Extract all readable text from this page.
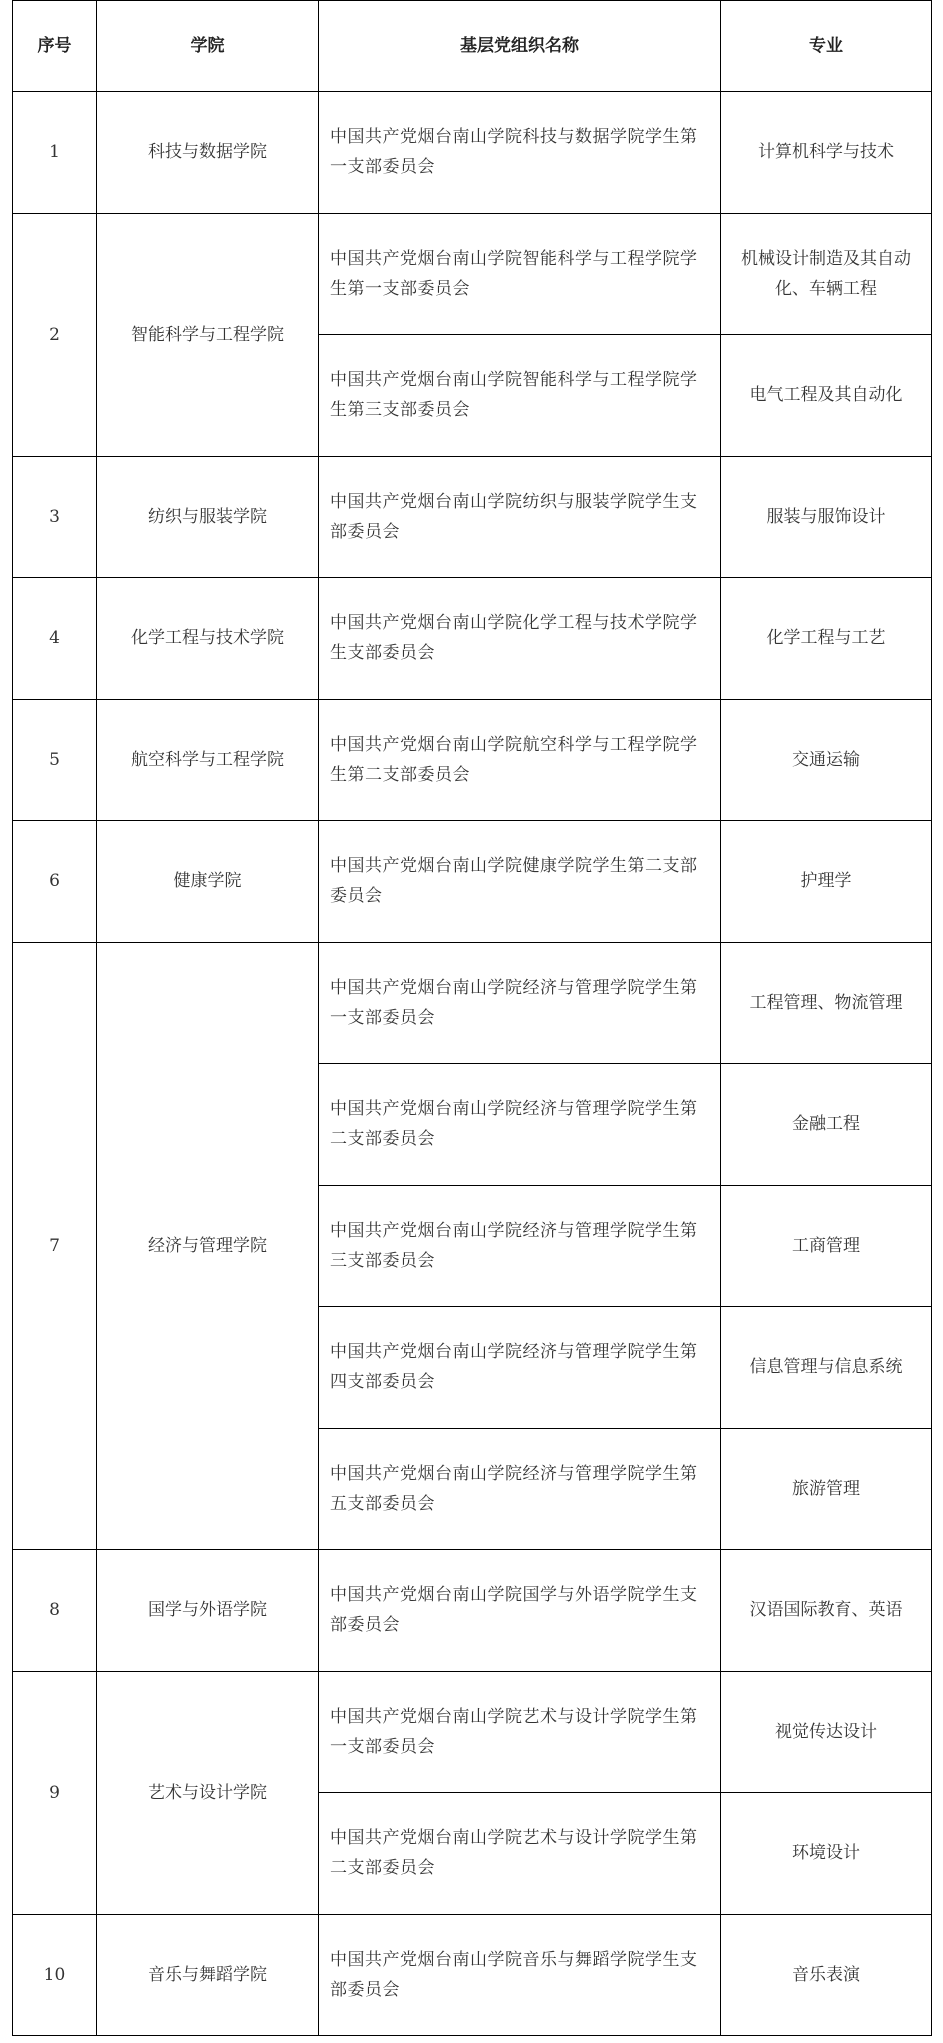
序号	学院	基层党组织名称	专业
1	科技与数据学院	中国共产党烟台南山学院科技与数据学院学生第一支部委员会	计算机科学与技术
2	智能科学与工程学院	中国共产党烟台南山学院智能科学与工程学院学生第一支部委员会	机械设计制造及其自动化、车辆工程
		中国共产党烟台南山学院智能科学与工程学院学生第三支部委员会	电气工程及其自动化
3	纺织与服装学院	中国共产党烟台南山学院纺织与服装学院学生支部委员会	服装与服饰设计
4	化学工程与技术学院	中国共产党烟台南山学院化学工程与技术学院学生支部委员会	化学工程与工艺
5	航空科学与工程学院	中国共产党烟台南山学院航空科学与工程学院学生第二支部委员会	交通运输
6	健康学院	中国共产党烟台南山学院健康学院学生第二支部委员会	护理学
7	经济与管理学院	中国共产党烟台南山学院经济与管理学院学生第一支部委员会	工程管理、物流管理
		中国共产党烟台南山学院经济与管理学院学生第二支部委员会	金融工程
		中国共产党烟台南山学院经济与管理学院学生第三支部委员会	工商管理
		中国共产党烟台南山学院经济与管理学院学生第四支部委员会	信息管理与信息系统
		中国共产党烟台南山学院经济与管理学院学生第五支部委员会	旅游管理
8	国学与外语学院	中国共产党烟台南山学院国学与外语学院学生支部委员会	汉语国际教育、英语
9	艺术与设计学院	中国共产党烟台南山学院艺术与设计学院学生第一支部委员会	视觉传达设计
		中国共产党烟台南山学院艺术与设计学院学生第二支部委员会	环境设计
10	音乐与舞蹈学院	中国共产党烟台南山学院音乐与舞蹈学院学生支部委员会	音乐表演
